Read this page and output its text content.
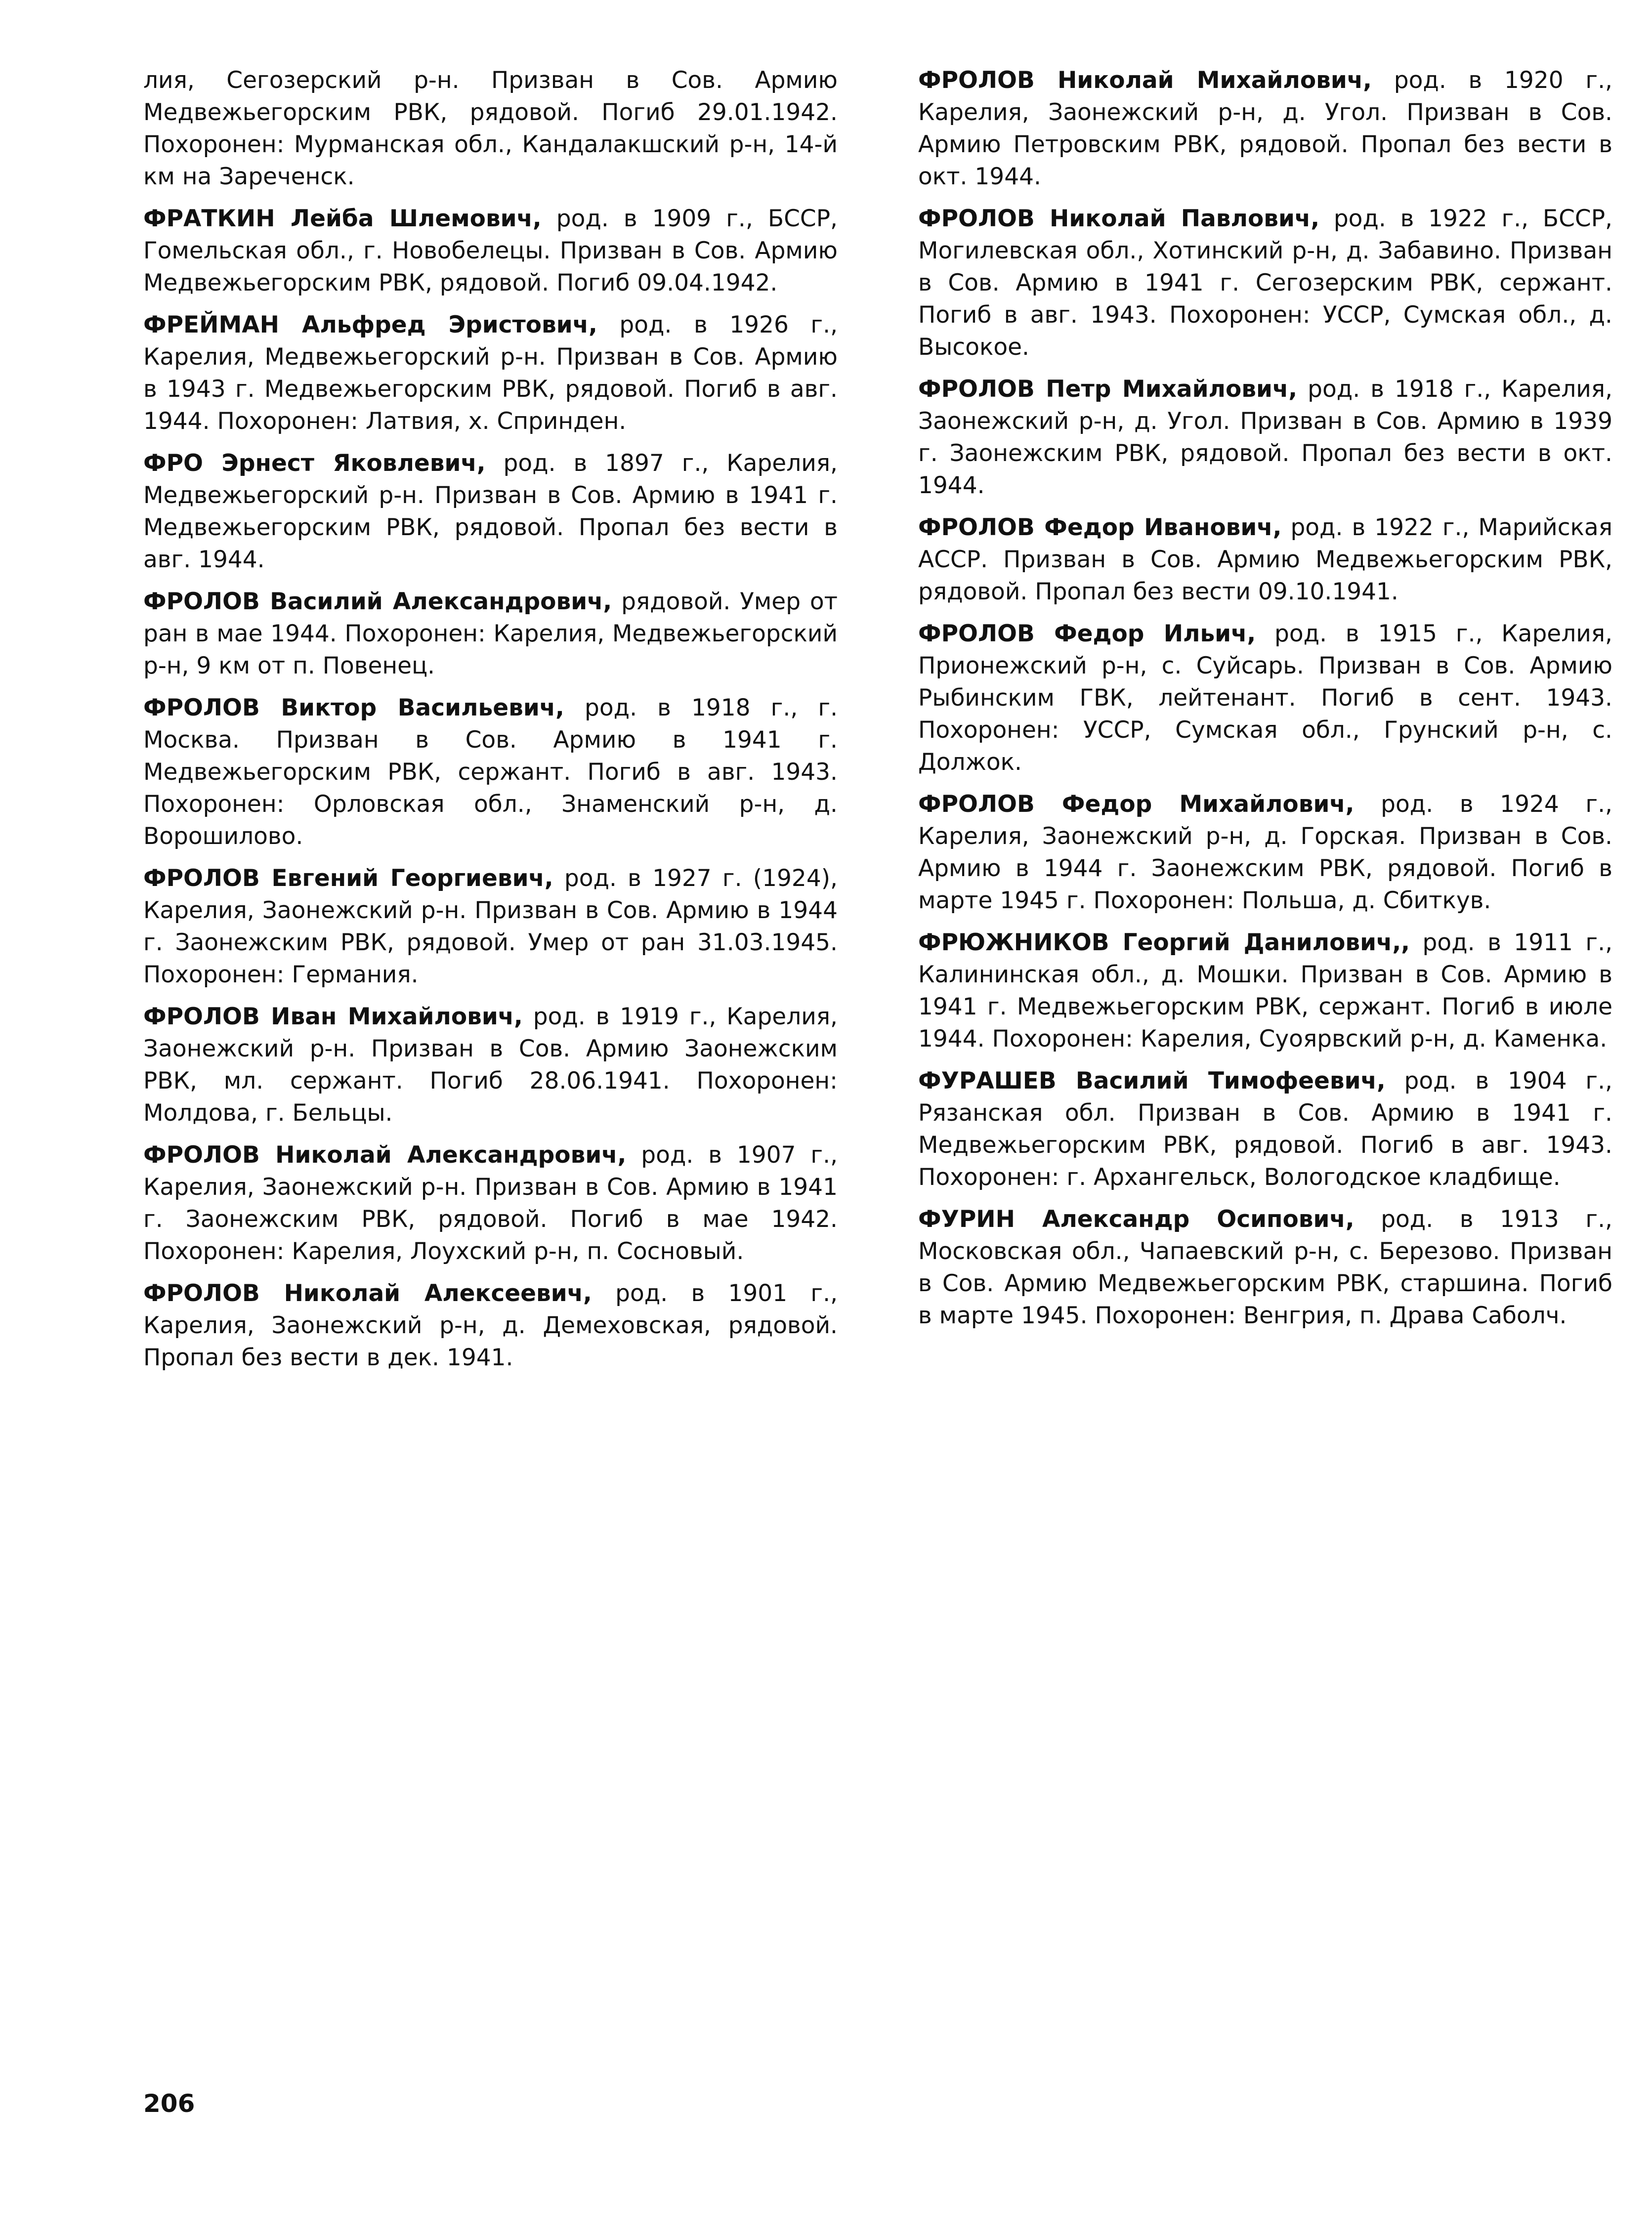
лия, Сегозерский р-н. Призван в Сов. Армию Медвежьегорским РВК, рядовой. Погиб 29.01.1942. Похоронен: Мурманская обл., Кандалакшский р-н, 14-й км на Зареченск.

ФРАТКИН Лейба Шлемович, род. в 1909 г., БССР, Гомельская обл., г. Новобелецы. Призван в Сов. Армию Медвежьегорским РВК, рядовой. Погиб 09.04.1942.

ФРЕЙМАН Альфред Эристович, род. в 1926 г., Карелия, Медвежьегорский р-н. Призван в Сов. Армию в 1943 г. Медвежьегорским РВК, рядовой. Погиб в авг. 1944. Похоронен: Латвия, х. Спринден.

ФРО Эрнест Яковлевич, род. в 1897 г., Карелия, Медвежьегорский р-н. Призван в Сов. Армию в 1941 г. Медвежьегорским РВК, рядовой. Пропал без вести в авг. 1944.

ФРОЛОВ Василий Александрович, рядовой. Умер от ран в мае 1944. Похоронен: Карелия, Медвежьегорский р-н, 9 км от п. Повенец.

ФРОЛОВ Виктор Васильевич, род. в 1918 г., г. Москва. Призван в Сов. Армию в 1941 г. Медвежьегорским РВК, сержант. Погиб в авг. 1943. Похоронен: Орловская обл., Знаменский р-н, д. Ворошилово.

ФРОЛОВ Евгений Георгиевич, род. в 1927 г. (1924), Карелия, Заонежский р-н. Призван в Сов. Армию в 1944 г. Заонежским РВК, рядовой. Умер от ран 31.03.1945. Похоронен: Германия.

ФРОЛОВ Иван Михайлович, род. в 1919 г., Карелия, Заонежский р-н. Призван в Сов. Армию Заонежским РВК, мл. сержант. Погиб 28.06.1941. Похоронен: Молдова, г. Бельцы.

ФРОЛОВ Николай Александрович, род. в 1907 г., Карелия, Заонежский р-н. Призван в Сов. Армию в 1941 г. Заонежским РВК, рядовой. Погиб в мае 1942. Похоронен: Карелия, Лоухский р-н, п. Сосновый.

ФРОЛОВ Николай Алексеевич, род. в 1901 г., Карелия, Заонежский р-н, д. Демеховская, рядовой. Пропал без вести в дек. 1941.

ФРОЛОВ Николай Михайлович, род. в 1920 г., Карелия, Заонежский р-н, д. Угол. Призван в Сов. Армию Петровским РВК, рядовой. Пропал без вести в окт. 1944.

ФРОЛОВ Николай Павлович, род. в 1922 г., БССР, Могилевская обл., Хотинский р-н, д. Забавино. Призван в Сов. Армию в 1941 г. Сегозерским РВК, сержант. Погиб в авг. 1943. Похоронен: УССР, Сумская обл., д. Высокое.

ФРОЛОВ Петр Михайлович, род. в 1918 г., Карелия, Заонежский р-н, д. Угол. Призван в Сов. Армию в 1939 г. Заонежским РВК, рядовой. Пропал без вести в окт. 1944.

ФРОЛОВ Федор Иванович, род. в 1922 г., Марийская АССР. Призван в Сов. Армию Медвежьегорским РВК, рядовой. Пропал без вести 09.10.1941.

ФРОЛОВ Федор Ильич, род. в 1915 г., Карелия, Прионежский р-н, с. Суйсарь. Призван в Сов. Армию Рыбинским ГВК, лейтенант. Погиб в сент. 1943. Похоронен: УССР, Сумская обл., Грунский р-н, с. Должок.

ФРОЛОВ Федор Михайлович, род. в 1924 г., Карелия, Заонежский р-н, д. Горская. Призван в Сов. Армию в 1944 г. Заонежским РВК, рядовой. Погиб в марте 1945 г. Похоронен: Польша, д. Сбиткув.

ФРЮЖНИКОВ Георгий Данилович,, род. в 1911 г., Калининская обл., д. Мошки. Призван в Сов. Армию в 1941 г. Медвежьегорским РВК, сержант. Погиб в июле 1944. Похоронен: Карелия, Суоярвский р-н, д. Каменка.

ФУРАШЕВ Василий Тимофеевич, род. в 1904 г., Рязанская обл. Призван в Сов. Армию в 1941 г. Медвежьегорским РВК, рядовой. Погиб в авг. 1943. Похоронен: г. Архангельск, Вологодское кладбище.

ФУРИН Александр Осипович, род. в 1913 г., Московская обл., Чапаевский р-н, с. Березово. Призван в Сов. Армию Медвежьегорским РВК, старшина. Погиб в марте 1945. Похоронен: Венгрия, п. Драва Саболч.

206
